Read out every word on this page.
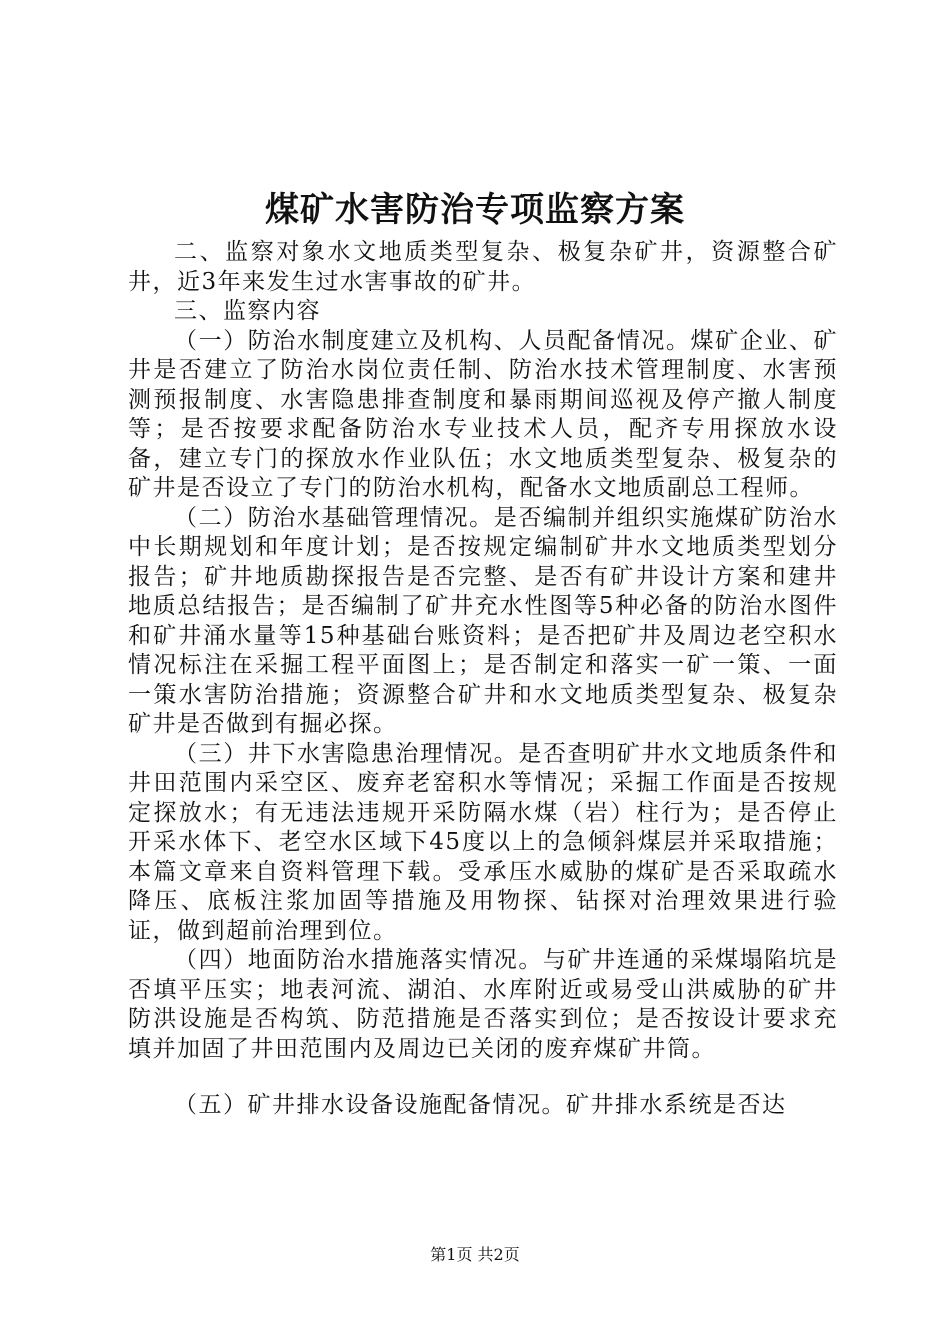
煤矿水害防治专项监察方案

二、监察对象水文地质类型复杂、极复杂矿井，资源整合矿井，近3年来发生过水害事故的矿井。

三、监察内容

（一）防治水制度建立及机构、人员配备情况。煤矿企业、矿井是否建立了防治水岗位责任制、防治水技术管理制度、水害预测预报制度、水害隐患排查制度和暴雨期间巡视及停产撤人制度等；是否按要求配备防治水专业技术人员，配齐专用探放水设备，建立专门的探放水作业队伍；水文地质类型复杂、极复杂的矿井是否设立了专门的防治水机构，配备水文地质副总工程师。

（二）防治水基础管理情况。是否编制并组织实施煤矿防治水中长期规划和年度计划；是否按规定编制矿井水文地质类型划分报告；矿井地质勘探报告是否完整、是否有矿井设计方案和建井地质总结报告；是否编制了矿井充水性图等5种必备的防治水图件和矿井涌水量等15种基础台账资料；是否把矿井及周边老空积水情况标注在采掘工程平面图上；是否制定和落实一矿一策、一面一策水害防治措施；资源整合矿井和水文地质类型复杂、极复杂矿井是否做到有掘必探。

（三）井下水害隐患治理情况。是否查明矿井水文地质条件和井田范围内采空区、废弃老窑积水等情况；采掘工作面是否按规定探放水；有无违法违规开采防隔水煤（岩）柱行为；是否停止开采水体下、老空水区域下45度以上的急倾斜煤层并采取措施；本篇文章来自资料管理下载。受承压水威胁的煤矿是否采取疏水降压、底板注浆加固等措施及用物探、钻探对治理效果进行验证，做到超前治理到位。

（四）地面防治水措施落实情况。与矿井连通的采煤塌陷坑是否填平压实；地表河流、湖泊、水库附近或易受山洪威胁的矿井防洪设施是否构筑、防范措施是否落实到位；是否按设计要求充填并加固了井田范围内及周边已关闭的废弃煤矿井筒。

（五）矿井排水设备设施配备情况。矿井排水系统是否达

第1页 共2页
